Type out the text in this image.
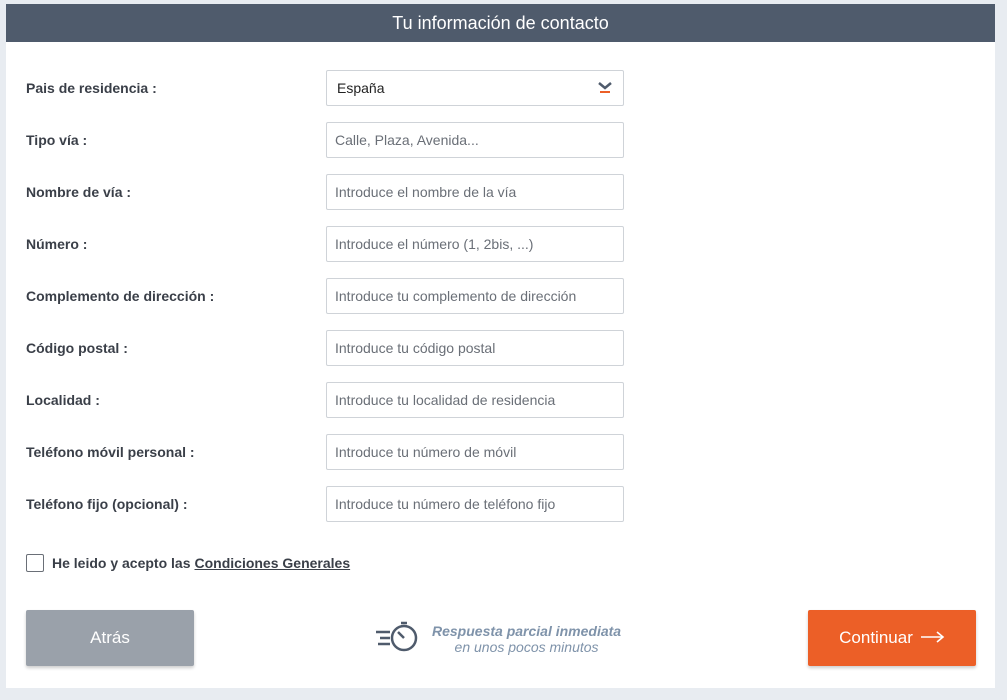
Tu información de contacto
Pais de residencia :	España
Tipo vía :
Calle, Plaza, Avenida...
Nombre de vía :
Introduce el nombre de la vía
Número :
Introduce el número (1, 2bis, ...)
Complemento de dirección :
Introduce tu complemento de dirección
Código postal :
Introduce tu código postal
Localidad :
Introduce tu localidad de residencia
Teléfono móvil personal :
Introduce tu número de móvil
Teléfono fijo (opcional) :
Introduce tu número de teléfono fijo
He leido y acepto las Condiciones Generales
Atrás	Respuesta parcial inmediata
en unos pocos minutos	Continuar
